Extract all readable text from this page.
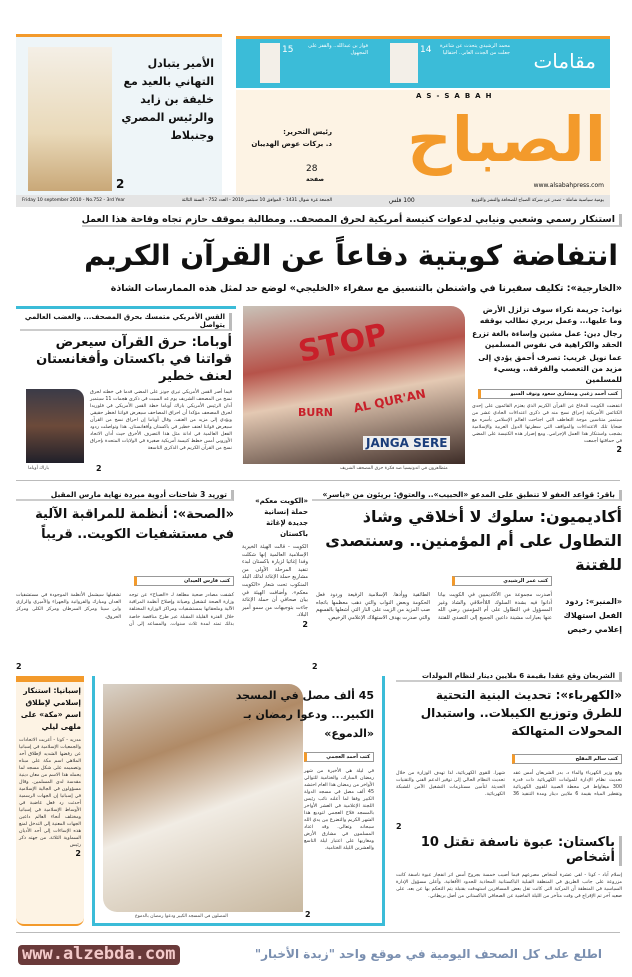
الأمير يتبادل التهاني بالعيد مع خليفة بن زايد والرئيس المصري وجنبلاط
2
مقامات
محمد الرشيدي يتحدث عن شاعرة جعلت من الجدث العابر.. احتفاليا
14
فواز بن عبدالله.. والقفز على المجهول
15
AS-SABAH
الصباح
رئيس التحرير:
د. بركات عوض الهديبان
28
صفحة
www.alsabahpress.com
يومية سياسية شاملة - تصدر عن شركة الصباح للصحافة والنشر والتوزيع
100 فلس
الجمعة غرة شوال 1431 - الموافق 10 سبتمبر 2010 - العدد 752 - السنة الثالثة
Friday 10 september 2010 - No.752 - 3rd Year
استنكار رسمي وشعبي ونيابي لدعوات كنيسة أمريكية لحرق المصحف.. ومطالبة بموقف حازم تجاه وقاحة هذا العمل
انتفاضة كويتية دفاعاً عن القرآن الكريم
«الخارجية»: تكليف سفيرنا في واشنطن بالتنسيق مع سفراء «الخليجي» لوضع حد لمثل هذه الممارسات الشاذة
نواب: جريمة نكراء سوف تزلزل الأرض وما عليها... وعمل بربري نطالب بوقفه
رجال دين: عمل مشين وإساءة بالغة تزرع الحقد والكراهية في نفوس المسلمين
عما نويل غريب: تصرف أحمق يؤدي إلى مزيد من التعصب والفرقة.. ويسيء للمسلمين
كتب أحمد زغبي ومشاري سعود ونوف السيو
انتفضت الكويت للدفاع عن القرآن الكريم الذي يعتزم القائمون على إحدى الكنائس الأمريكية إحراق نسخ منه في ذكرى اعتداءات الحادي عشر من سبتمبر متناسين موجة التعاطف التي اجتاحت العالم الإسلامي بأسره مع ضحايا تلك الاعتداءات والمواقف التي سطرتها الدول العربية والإسلامية بشجب واستنكار هذا العمل الإجرامي. ومع إصرار هذه الكنيسة على المضي في حماقتها أجمعت
2
STOP
BURN AL QUR'AN
JANGA SERE
متظاهرون في اندونيسيا ضد فكرة حرق المصحف الشريف
القس الأمريكي متمسك بحرق المصحف... والغضب العالمي يتواصل
أوباما: حرق القرآن سيعرض قواتنا في باكستان وأفغانستان لعنف خطير
فيما أصر القس الأمريكي تيري جونز على المضي قدما في خطته لحرق نسخ من المصحف الشريف يوم غد السبت في ذكرى هجمات 11 سبتمبر أدان الرئيس الأمريكي باراك أوباما خطة القس الأمريكي في فلوريدا لحرق المصحف مؤكدا أن احراق المصاحف سيعرض قواتنا لخطر حقيقي ويؤدي إلى مزيد من العنف. وقال أوباما إن احراق نسخ من القرآن سيعرض قواتنا لعنف خطير في باكستان وأفغانستان. هذا وتواصلت ردود الفعل العالمية في ادانة مثل هذا التصرف الأخرق حيث أدان الاتحاد الأوروبي أمس خطط كنيسة أمريكية صغيرة في الولايات المتحدة بإحراق نسخ من القرآن الكريم في الذكرى التاسعة
باراك أوباما	2
باقر: قواعد العفو لا تنطبق على المدعو «الحبيب».. والعتوق: بريئون من «ياسر»
أكاديميون: سلوك لا أخلاقي وشاذ التطاول على أم المؤمنين.. وسنتصدى للفتنة
«المنبر»: ردود الفعل استهلاك إعلامي رخيص
كتب عمر الرشيدي
أصدرت مجموعة من الأكاديميين في الكويت بيانا أدانوا فيه بشدة السلوك اللاأخلاقي والشاذ وغير المسؤول في التطاول على أم المؤمنين رضي الله عنها بعبارات مشينة داعين الجميع إلى التصدي للفتنة الطائفية ووأدها. الإسلامية الرفيعة وردود فعل الحكومة وبعض النواب والتي ذهب معظمها باتجاه صب المزيد من الزيت على النار التي أشعلها بالفسهم والتي صدرت بهدف الاستهلاك الإعلامي الرخيص.
2
«الكويت معكم» حملة إنسانية جديدة لإغاثة باكستان
الكويت - قالت الهيئة الخيرية الإسلامية العالمية إنها شكلت وفدا إغاثيا لزيارة باكستان لبدء تنفيذ المرحلة الأولى من مشاريع حملة الإغاثة لذلك البلد المنكوب تحت شعار «الكويت معكم». وأضافت الهيئة في بيان صحافي أن حملة الإغاثة جاءت بتوجيهات من سمو أمير البلاد.
2
توريد 3 شاحنات أدوية مبردة نهاية مارس المقبل
«الصحة»: أنظمة للمراقبة الآلية في مستشفيات الكويت.. قريباً
كتب فارس العيدان
كشفت مصادر صحية مطلعة لـ «الصباح» عن توجه وزارة الصحة لتشغيل وصيانة وإصلاح أنظمة المراقبة الآلية وملحقاتها بمستشفيات ومراكز الوزارة المختلفة خلال الفترة القليلة المقبلة عبر طرح مناقصة خاصة بذلك تمتد لمدة ثلاث سنوات. والمساعد إلى أن تشغيلها سيشمل الأنظمة الموجودة في مستشفيات العدان ومبارك والفروانية والجهراء والأميري والرازي وابن سينا ومركز السرطان ومركز الكلى ومركز الحروق.
2
إسبانيا: استنكار إسلامي لإطلاق اسم «مكة» على ملهى ليلي
مدريد - كونا - أعربت الاتحادات والجمعيات الإسلامية في إسبانيا عن رفضها الشديد لإطلاق أحد الملاهي اسم مكة على مبناه وتصميمه على شكل مسجد لما يحمله هذا الاسم من معان دينية مقدسة لدى المسلمين. وقال مسؤولون في الجالية الإسلامية في إسبانيا إن الجهات الرسمية أحدثت رد فعل غاضبة في الأوساط الإسلامية في إسبانيا ومختلف أنحاء العالم داعين الجهات المعنية إلى التدخل لمنع هذه الإساءات إلى أحد الأديان السماوية الثلاثة. من جهته ذكر رئيس
2
45 ألف مصل في المسجد الكبير... ودعوا رمضان بـ «الدموع»
كتب أحمد العجمي
في ليلة هي الأخيرة من شهر رمضان المبارك، والختامية للتوالي الأواخر من رمضان هذا العام احتشد 45 ألف مصل في مسجد الدولة الكبير وفقا لما أعلنه نائب رئيس اللجنة الإعلامية في العشر الأواخر بالمسجد فلاح العجمي لتوديع هذا الشهر الكريم والتضرع بين يدي الله سبحانه وتعالى. وقد اعتاد المسلمون في مشارق الأرض ومغاربها على اعتبار ليلة التاسع والعشرين الليلة الختامية.
المصلون في المسجد الكبير ودعوا رمضان بالدموع	2
الشريعان وقع عقدا بقيمة 6 ملايين دينار لنظام المولدات
«الكهرباء»: تحديث البنية التحتية للطرق وتوزيع الكيبلات.. واستبدال المحولات المتهالكة
كتب سالم المفلح
وقع وزير الكهرباء والماء د. بدر الشريعان أمس عقد تحديث نظام الإدارة للمولدات الكهربائية ذات قدرة 300 ميغاواط في محطة الصبية للقوى الكهربائية وتقطير المياه بقيمة 6 ملايين دينار ومدة التنفيذ 36 شهرا. للقوى الكهربائية، لذا تهدف الوزارة من خلال تحديث النظام الحالي إلى توفير الدعم الفني والتقنيات الحديثة لتأمين مستلزمات التشغيل الآمن للشبكة الكهربائية.
2
باكستان: عبوة ناسفة تقتل 10 أشخاص
إسلام آباد - كونا - لقي عشرة أشخاص مصرعهم فيما أصيب خمسة بجروح أمس اثر انفجار عبوة ناسفة كانت مزروعة على جانب الطريق في المنطقة القبلية الباكستانية المحاذية للحدود الأفغانية. وأعلن مسؤول الإدارة السياسية في المنطقة أن المركبة التي كانت تقل بعض المسافرين استهدفت بقنبلة يتم التحكم بها عن بعد. على صعيد آخر تم الإفراج في وقت متأخر من الليلة الماضية عن الصحافي الباكستاني من أصل بريطاني.
اطلع على كل الصحف اليومية في موقع واحد "زبدة الأخبار"
www.alzebda.com
